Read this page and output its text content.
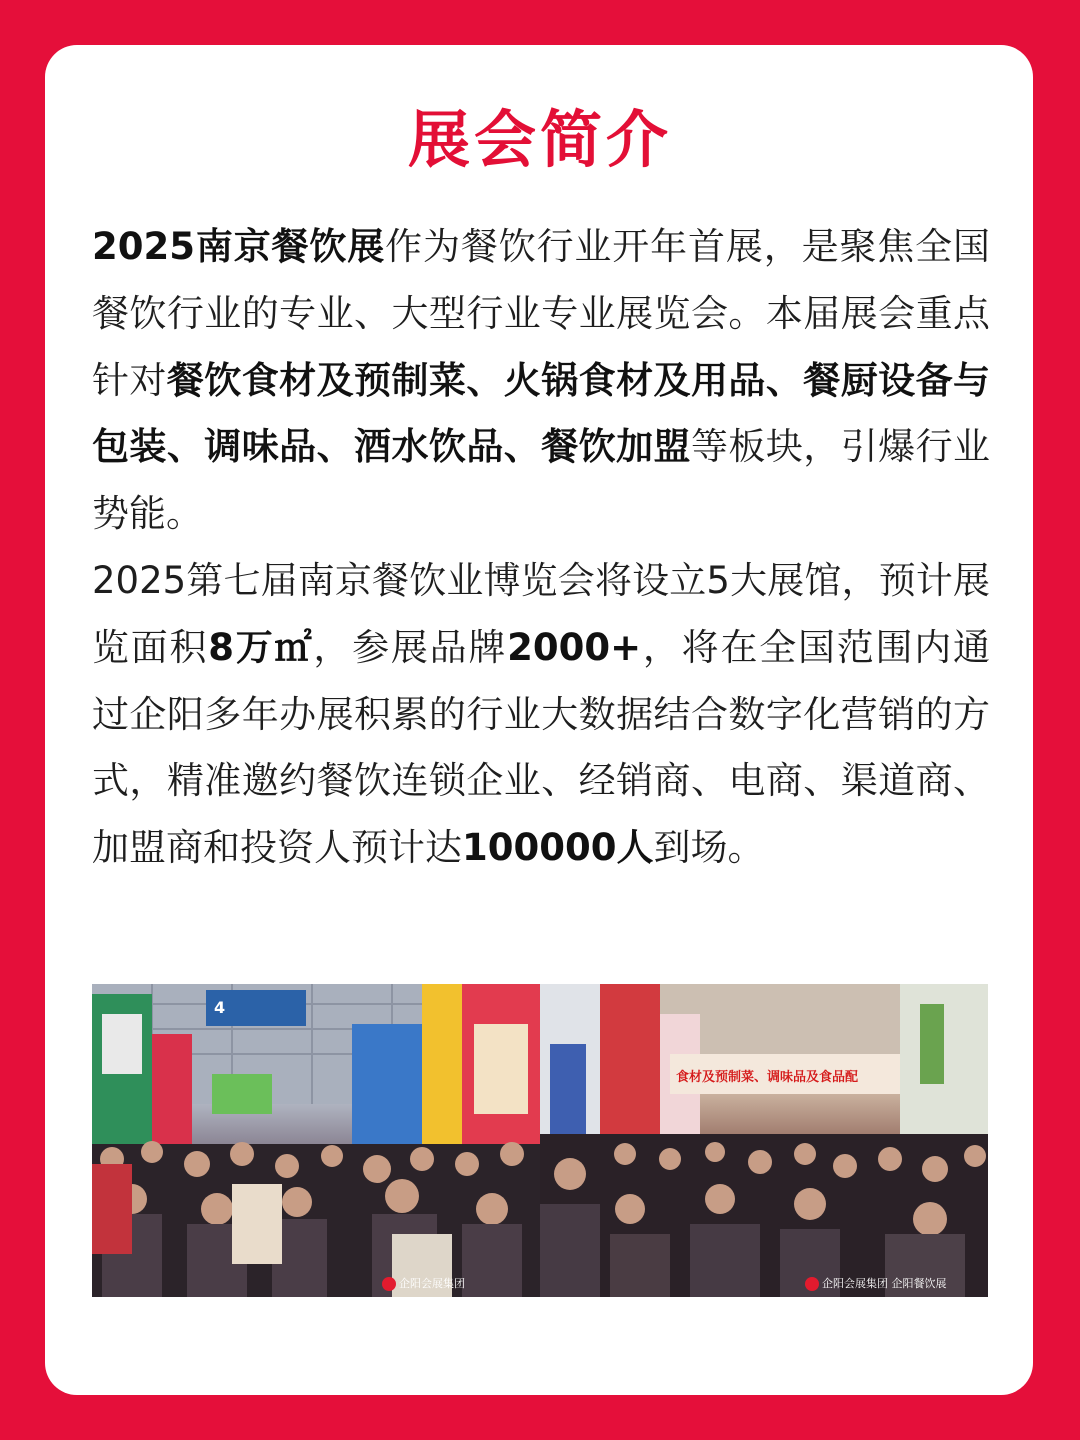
展会简介

2025南京餐饮展作为餐饮行业开年首展，是聚焦全国餐饮行业的专业、大型行业专业展览会。本届展会重点针对餐饮食材及预制菜、火锅食材及用品、餐厨设备与包装、调味品、酒水饮品、餐饮加盟等板块，引爆行业势能。

2025第七届南京餐饮业博览会将设立5大展馆，预计展览面积8万㎡，参展品牌2000+，将在全国范围内通过企阳多年办展积累的行业大数据结合数字化营销的方式，精准邀约餐饮连锁企业、经销商、电商、渠道商、加盟商和投资人预计达100000人到场。

企阳会展集团	企阳会展集团 企阳餐饮展
4
食材及预制菜、调味品及食品配
